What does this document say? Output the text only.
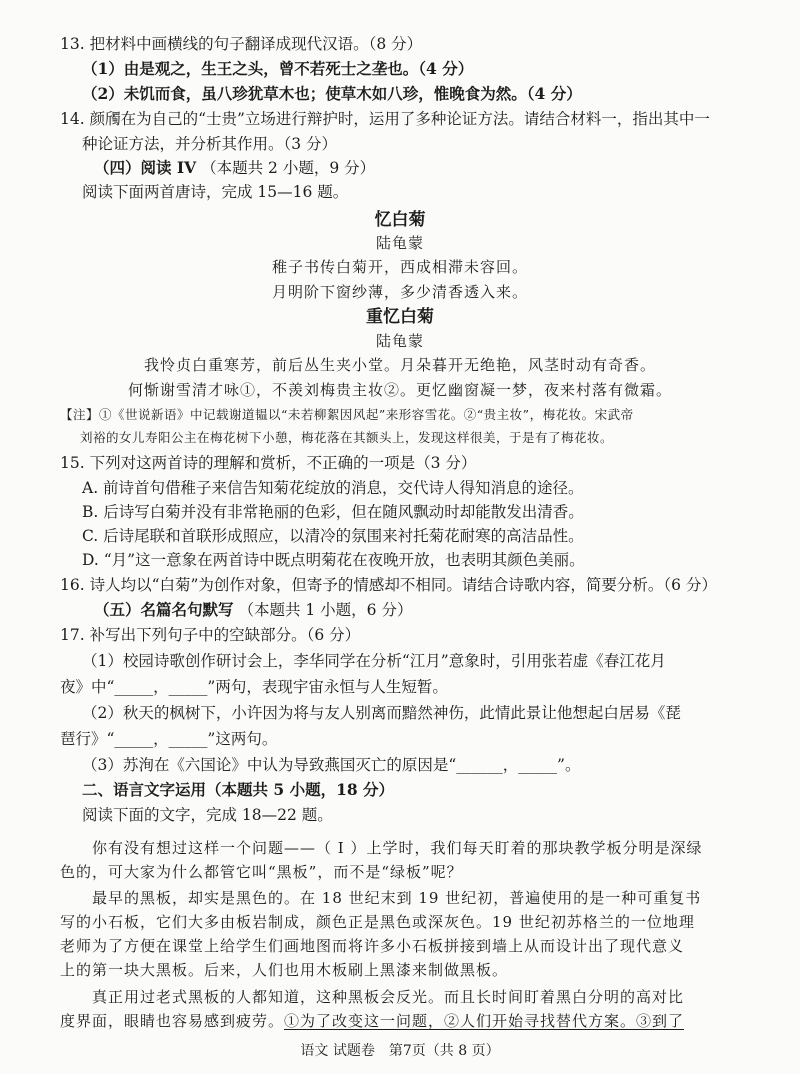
13. 把材料中画横线的句子翻译成现代汉语。（8 分）
（1）由是观之，生王之头，曾不若死士之垄也。（4 分）
（2）未饥而食，虽八珍犹草木也；使草木如八珍，惟晚食为然。（4 分）
14. 颜斶在为自己的“士贵”立场进行辩护时，运用了多种论证方法。请结合材料一，指出其中一
种论证方法，并分析其作用。（3 分）
（四）阅读 IV （本题共 2 小题，9 分）
阅读下面两首唐诗，完成 15—16 题。
忆白菊
陆龟蒙
稚子书传白菊开，西成相滞未容回。
月明阶下窗纱薄，多少清香透入来。
重忆白菊
陆龟蒙
我怜贞白重寒芳，前后丛生夹小堂。月朵暮开无绝艳，风茎时动有奇香。
何惭谢雪清才咏①，不羡刘梅贵主妆②。更忆幽窗凝一梦，夜来村落有微霜。
【注】①《世说新语》中记载谢道韫以“未若柳絮因风起”来形容雪花。②“贵主妆”，梅花妆。宋武帝
刘裕的女儿寿阳公主在梅花树下小憩，梅花落在其额头上，发现这样很美，于是有了梅花妆。
15. 下列对这两首诗的理解和赏析，不正确的一项是（3 分）
A. 前诗首句借稚子来信告知菊花绽放的消息，交代诗人得知消息的途径。
B. 后诗写白菊并没有非常艳丽的色彩，但在随风飘动时却能散发出清香。
C. 后诗尾联和首联形成照应，以清冷的氛围来衬托菊花耐寒的高洁品性。
D. “月”这一意象在两首诗中既点明菊花在夜晚开放，也表明其颜色美丽。
16. 诗人均以“白菊”为创作对象，但寄予的情感却不相同。请结合诗歌内容，简要分析。（6 分）
（五）名篇名句默写 （本题共 1 小题，6 分）
17. 补写出下列句子中的空缺部分。（6 分）
（1）校园诗歌创作研讨会上，李华同学在分析“江月”意象时，引用张若虚《春江花月
夜》中“_____，_____”两句，表现宇宙永恒与人生短暂。
（2）秋天的枫树下，小许因为将与友人别离而黯然神伤，此情此景让他想起白居易《琵
琶行》“_____，_____”这两句。
（3）苏洵在《六国论》中认为导致燕国灭亡的原因是“______，_____”。
二、语言文字运用（本题共 5 小题，18 分）
阅读下面的文字，完成 18—22 题。
你有没有想过这样一个问题——（ Ⅰ ）上学时，我们每天盯着的那块教学板分明是深绿
色的，可大家为什么都管它叫“黑板”，而不是“绿板”呢？
最早的黑板，却实是黑色的。在 18 世纪末到 19 世纪初，普遍使用的是一种可重复书
写的小石板，它们大多由板岩制成，颜色正是黑色或深灰色。19 世纪初苏格兰的一位地理
老师为了方便在课堂上给学生们画地图而将许多小石板拼接到墙上从而设计出了现代意义
上的第一块大黑板。后来，人们也用木板刷上黑漆来制做黑板。
真正用过老式黑板的人都知道，这种黑板会反光。而且长时间盯着黑白分明的高对比
度界面，眼睛也容易感到疲劳。①为了改变这一问题，②人们开始寻找替代方案。③到了
语文 试题卷　第7页（共 8 页）
